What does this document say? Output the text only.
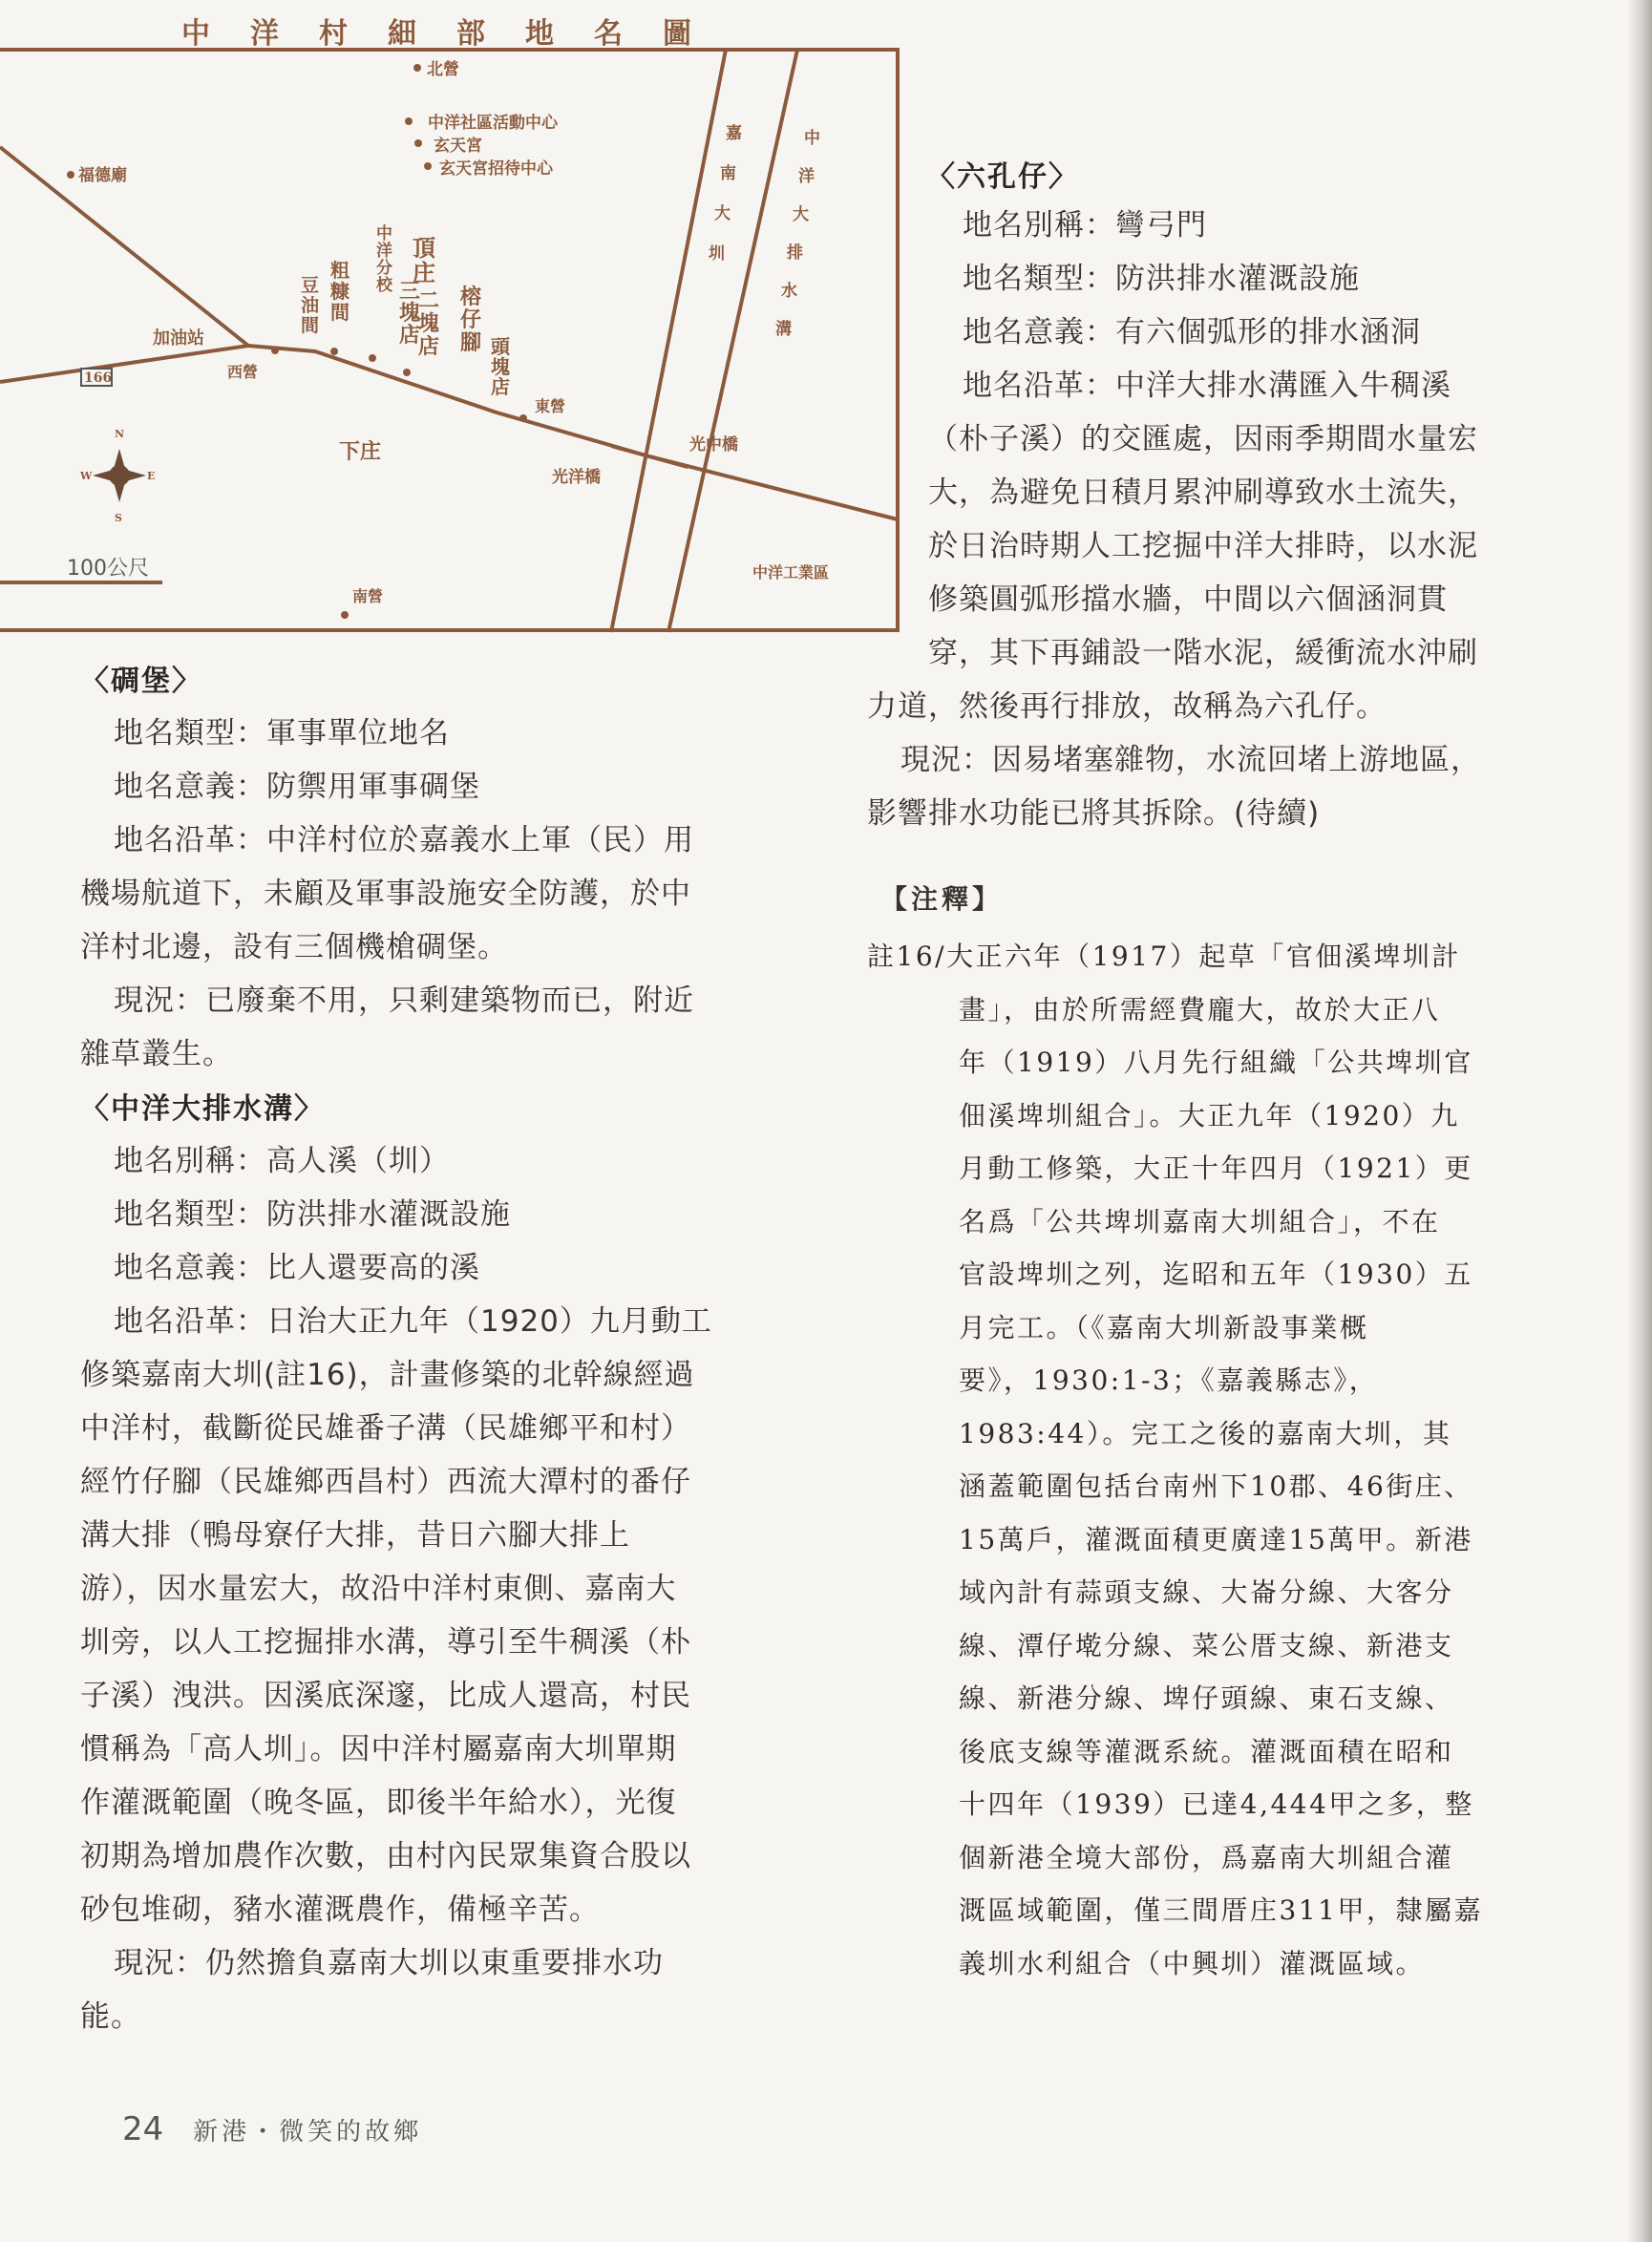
中 洋 村 細 部 地 名 圖
北營
中洋社區活動中心
玄天宮
玄天宮招待中心
福德廟
加油站
西營
166
東營
下庄	光中橋
光洋橋
100公尺	中洋工業區
南營
N
S
W	E
頂庄
中洋分校 三塊店
二塊店
榕仔腳 頭塊店
粗糠間
豆油間
嘉南大圳
中洋大排水溝

〈碉堡〉

地名類型：軍事單位地名

地名意義：防禦用軍事碉堡

地名沿革：中洋村位於嘉義水上軍（民）用

機場航道下，未顧及軍事設施安全防護，於中

洋村北邊，設有三個機槍碉堡。

現況：已廢棄不用，只剩建築物而已，附近

雜草叢生。

〈中洋大排水溝〉

地名別稱：高人溪（圳）

地名類型：防洪排水灌溉設施

地名意義：比人還要高的溪

地名沿革：日治大正九年（1920）九月動工

修築嘉南大圳(註16)，計畫修築的北幹線經過

中洋村，截斷從民雄番子溝（民雄鄉平和村）

經竹仔腳（民雄鄉西昌村）西流大潭村的番仔

溝大排（鴨母寮仔大排，昔日六腳大排上

游），因水量宏大，故沿中洋村東側、嘉南大

圳旁，以人工挖掘排水溝，導引至牛稠溪（朴

子溪）洩洪。因溪底深邃，比成人還高，村民

慣稱為「高人圳」。因中洋村屬嘉南大圳單期

作灌溉範圍（晚冬區，即後半年給水），光復

初期為增加農作次數，由村內民眾集資合股以

砂包堆砌，豬水灌溉農作，備極辛苦。

現況：仍然擔負嘉南大圳以東重要排水功

能。

〈六孔仔〉

地名別稱：彎弓門

地名類型：防洪排水灌溉設施

地名意義：有六個弧形的排水涵洞

地名沿革：中洋大排水溝匯入牛稠溪

（朴子溪）的交匯處，因雨季期間水量宏

大，為避免日積月累沖刷導致水土流失，

於日治時期人工挖掘中洋大排時，以水泥

修築圓弧形擋水牆，中間以六個涵洞貫

穿，其下再鋪設一階水泥，緩衝流水沖刷

力道，然後再行排放，故稱為六孔仔。

現況：因易堵塞雜物，水流回堵上游地區，

影響排水功能已將其拆除。(待續)

【注釋】

註16/大正六年（1917）起草「官佃溪埤圳計
畫」，由於所需經費龐大，故於大正八
年（1919）八月先行組織「公共埤圳官
佃溪埤圳組合」。大正九年（1920）九
月動工修築，大正十年四月（1921）更
名爲「公共埤圳嘉南大圳組合」，不在
官設埤圳之列，迄昭和五年（1930）五
月完工。（《嘉南大圳新設事業概
要》，1930:1-3；《嘉義縣志》，
1983:44）。完工之後的嘉南大圳，其
涵蓋範圍包括台南州下10郡、46街庄、
15萬戶，灌溉面積更廣達15萬甲。新港
域內計有蒜頭支線、大崙分線、大客分
線、潭仔墘分線、菜公厝支線、新港支
線、新港分線、埤仔頭線、東石支線、
後底支線等灌溉系統。灌溉面積在昭和
十四年（1939）已達4,444甲之多，整
個新港全境大部份，爲嘉南大圳組合灌
溉區域範圍，僅三間厝庄311甲，隸屬嘉
義圳水利組合（中興圳）灌溉區域。
24 新港・微笑的故鄉
